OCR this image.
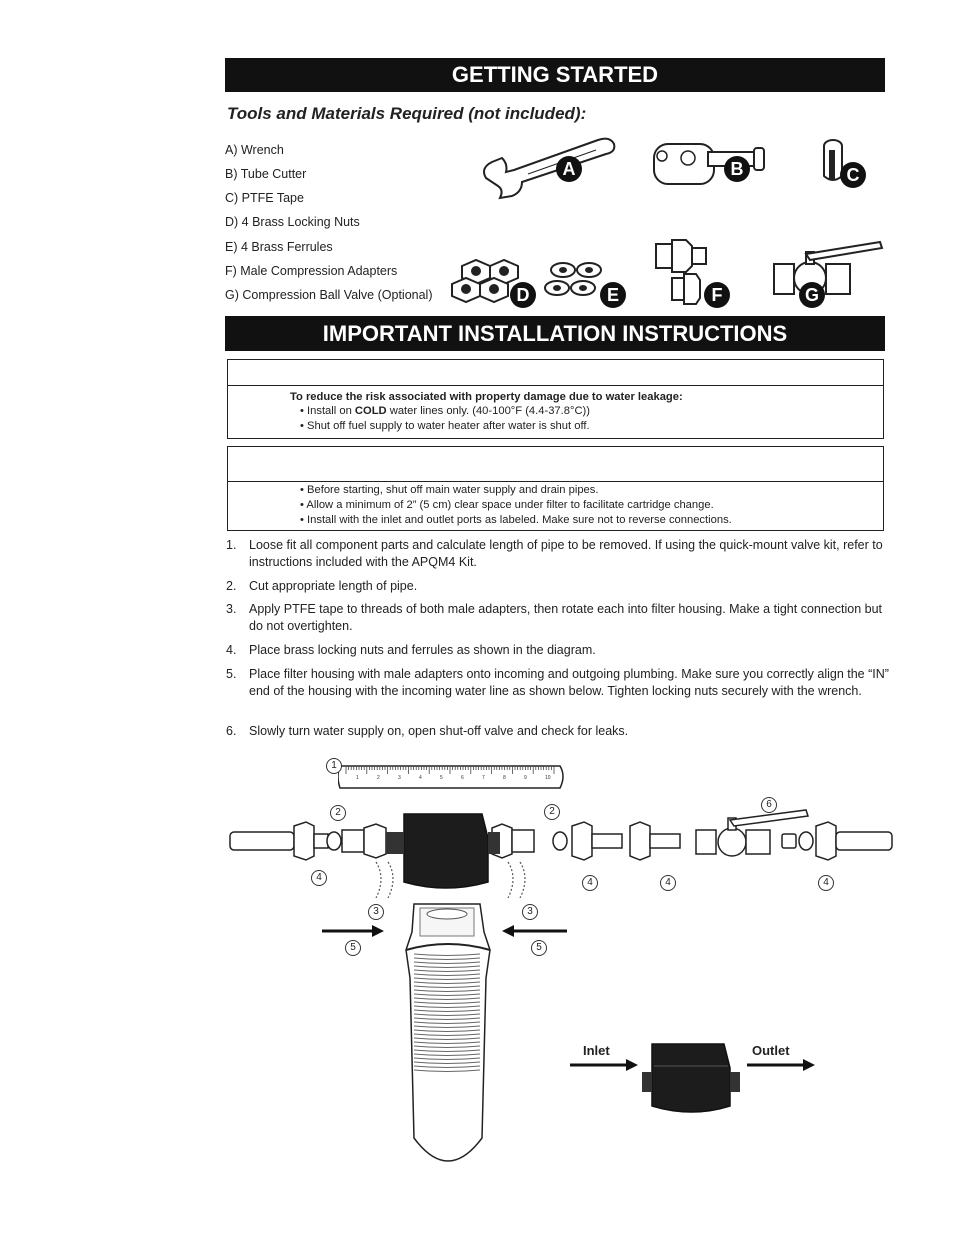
GETTING STARTED
Tools and Materials Required (not included):
A) Wrench
B) Tube Cutter
C) PTFE Tape
D) 4 Brass Locking Nuts
E) 4 Brass Ferrules
F) Male Compression Adapters
G) Compression Ball Valve (Optional)
A	B	C
D	E	F	G
IMPORTANT INSTALLATION INSTRUCTIONS
To reduce the risk associated with property damage due to water leakage:
• Install on COLD water lines only. (40-100°F (4.4-37.8°C))
• Shut off fuel supply to water heater after water is shut off.
• Before starting, shut off main water supply and drain pipes.
• Allow a minimum of 2” (5 cm) clear space under filter to facilitate cartridge change.
• Install with the inlet and outlet ports as labeled. Make sure not to reverse connections.
1. Loose fit all component parts and calculate length of pipe to be removed. If using the quick-mount valve kit, refer to instructions included with the APQM4 Kit.
2. Cut appropriate length of pipe.
3. Apply PTFE tape to threads of both male adapters, then rotate each into filter housing. Make a tight connection but do not overtighten.
4. Place brass locking nuts and ferrules as shown in the diagram.
5. Place filter housing with male adapters onto incoming and outgoing plumbing. Make sure you correctly align the “IN” end of the housing with the incoming water line as shown below. Tighten locking nuts securely with the wrench.
6. Slowly turn water supply on, open shut-off valve and check for leaks.
1	2	3	4	5	6	7	8	9	10
1
2	2
3	3
4	4	4	4
5	5
6
Inlet	Outlet
